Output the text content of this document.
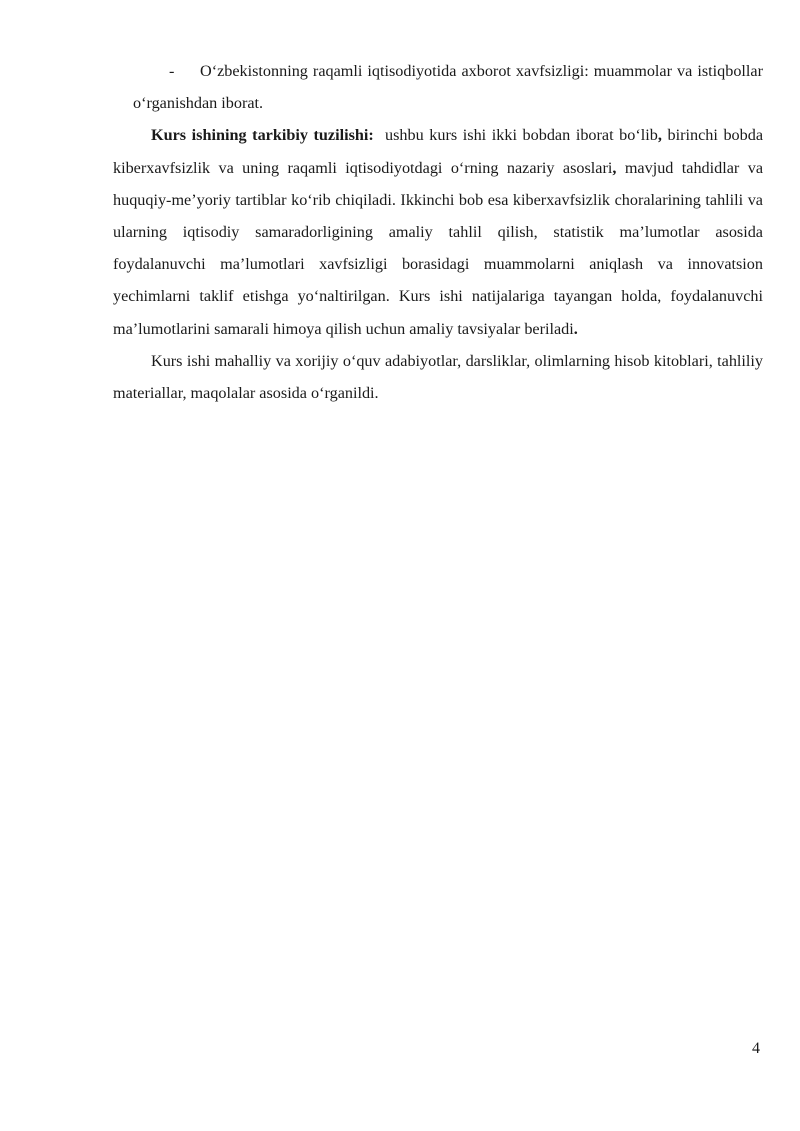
-	O‘zbekistonning raqamli iqtisodiyotida axborot xavfsizligi: muammolar va istiqbollar o‘rganishdan iborat.

Kurs ishining tarkibiy tuzilishi: ushbu kurs ishi ikki bobdan iborat bo‘lib, birinchi bobda kiberxavfsizlik va uning raqamli iqtisodiyotdagi o‘rning nazariy asoslari, mavjud tahdidlar va huquqiy-me’yoriy tartiblar ko‘rib chiqiladi. Ikkinchi bob esa kiberxavfsizlik choralarining tahlili va ularning iqtisodiy samaradorligining amaliy tahlil qilish, statistik ma’lumotlar asosida foydalanuvchi ma’lumotlari xavfsizligi borasidagi muammolarni aniqlash va innovatsion yechimlarni taklif etishga yo‘naltirilgan. Kurs ishi natijalariga tayangan holda, foydalanuvchi ma’lumotlarini samarali himoya qilish uchun amaliy tavsiyalar beriladi.

Kurs ishi mahalliy va xorijiy o‘quv adabiyotlar, darsliklar, olimlarning hisob kitoblari, tahliliy materiallar, maqolalar asosida o‘rganildi.

4
